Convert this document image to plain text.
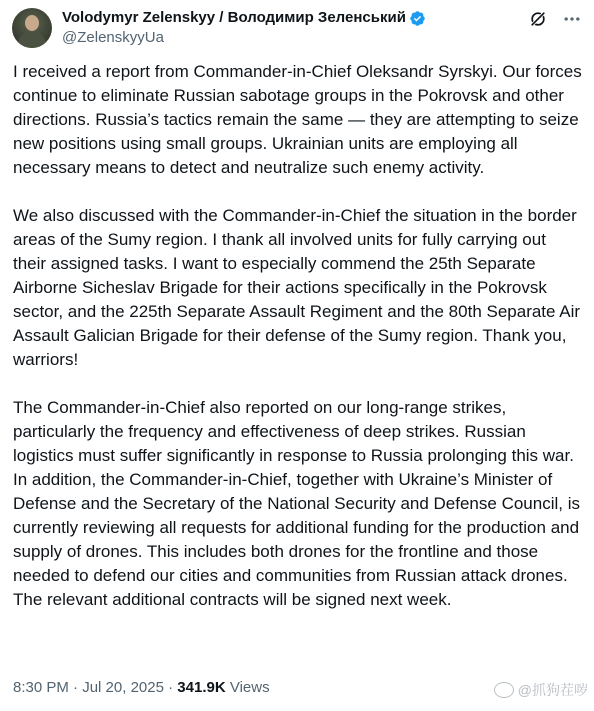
Volodymyr Zelenskyy / Володимир Зеленський
@ZelenskyyUa

I received a report from Commander-in-Chief Oleksandr Syrskyi. Our forces continue to eliminate Russian sabotage groups in the Pokrovsk and other directions. Russia’s tactics remain the same — they are attempting to seize new positions using small groups. Ukrainian units are employing all necessary means to detect and neutralize such enemy activity.

We also discussed with the Commander-in-Chief the situation in the border areas of the Sumy region. I thank all involved units for fully carrying out their assigned tasks. I want to especially commend the 25th Separate Airborne Sicheslav Brigade for their actions specifically in the Pokrovsk sector, and the 225th Separate Assault Regiment and the 80th Separate Air Assault Galician Brigade for their defense of the Sumy region. Thank you, warriors!

The Commander-in-Chief also reported on our long-range strikes, particularly the frequency and effectiveness of deep strikes. Russian logistics must suffer significantly in response to Russia prolonging this war. In addition, the Commander-in-Chief, together with Ukraine’s Minister of Defense and the Secretary of the National Security and Defense Council, is currently reviewing all requests for additional funding for the production and supply of drones. This includes both drones for the frontline and those needed to defend our cities and communities from Russian attack drones. The relevant additional contracts will be signed next week.

8:30 PM · Jul 20, 2025 · 341.9K Views	@抓狗茬哕
